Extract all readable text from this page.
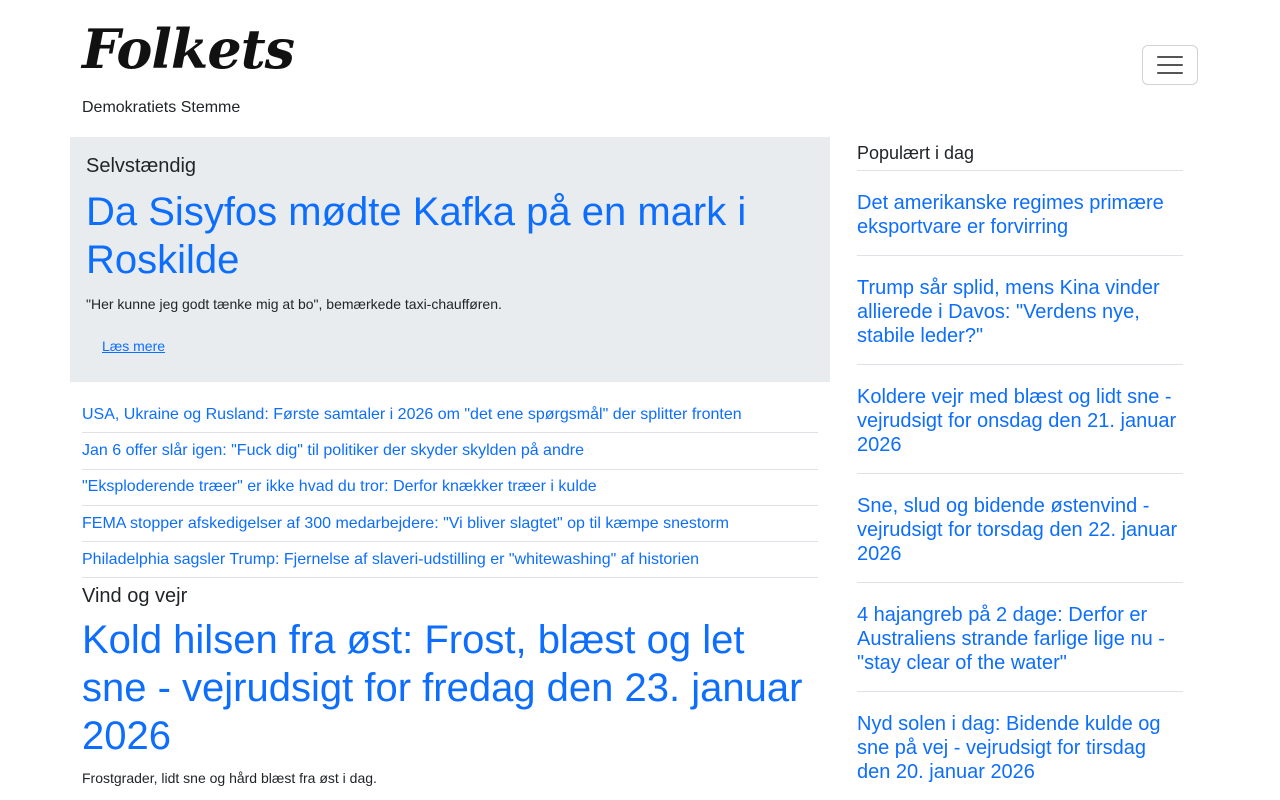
Folkets
Demokratiets Stemme
Selvstændig
Da Sisyfos mødte Kafka på en mark i Roskilde

"Her kunne jeg godt tænke mig at bo", bemærkede taxi-chaufføren.

Læs mere
USA, Ukraine og Rusland: Første samtaler i 2026 om "det ene spørgsmål" der splitter fronten
Jan 6 offer slår igen: "Fuck dig" til politiker der skyder skylden på andre
"Eksploderende træer" er ikke hvad du tror: Derfor knækker træer i kulde
FEMA stopper afskedigelser af 300 medarbejdere: "Vi bliver slagtet" op til kæmpe snestorm
Philadelphia sagsler Trump: Fjernelse af slaveri-udstilling er "whitewashing" af historien
Vind og vejr
Kold hilsen fra øst: Frost, blæst og let sne - vejrudsigt for fredag den 23. januar 2026

Frostgrader, lidt sne og hård blæst fra øst i dag.

Populært i dag
Det amerikanske regimes primære eksportvare er forvirring
Trump sår splid, mens Kina vinder allierede i Davos: "Verdens nye, stabile leder?"
Koldere vejr med blæst og lidt sne - vejrudsigt for onsdag den 21. januar 2026
Sne, slud og bidende østenvind - vejrudsigt for torsdag den 22. januar 2026
4 hajangreb på 2 dage: Derfor er Australiens strande farlige lige nu - "stay clear of the water"
Nyd solen i dag: Bidende kulde og sne på vej - vejrudsigt for tirsdag den 20. januar 2026
